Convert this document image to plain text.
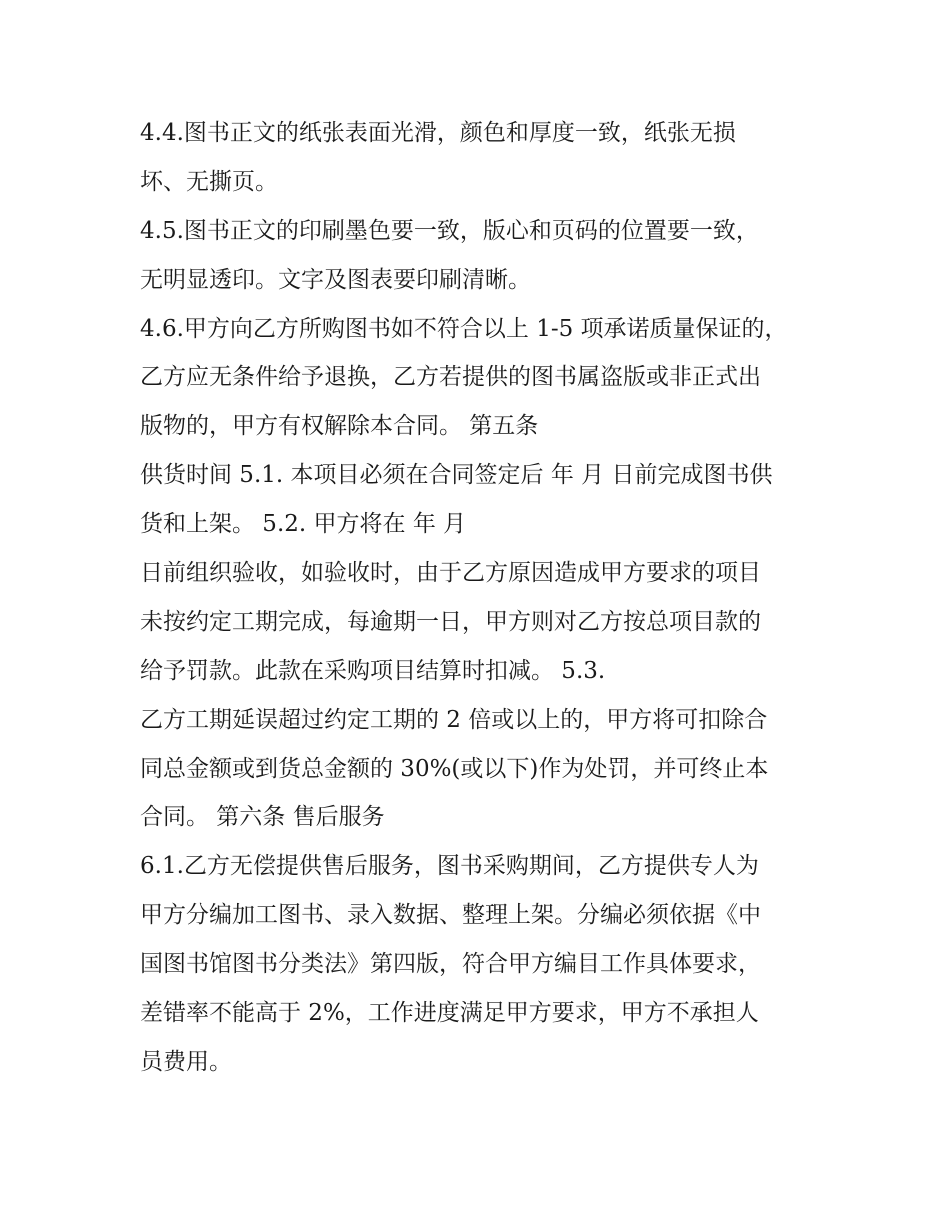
4.4.图书正文的纸张表面光滑，颜色和厚度一致，纸张无损
坏、无撕页。
4.5.图书正文的印刷墨色要一致，版心和页码的位置要一致，
无明显透印。文字及图表要印刷清晰。
4.6.甲方向乙方所购图书如不符合以上 1-5 项承诺质量保证的，
乙方应无条件给予退换，乙方若提供的图书属盗版或非正式出
版物的，甲方有权解除本合同。 第五条
供货时间 5.1. 本项目必须在合同签定后 年 月 日前完成图书供
货和上架。 5.2. 甲方将在 年 月
日前组织验收，如验收时，由于乙方原因造成甲方要求的项目
未按约定工期完成，每逾期一日，甲方则对乙方按总项目款的
给予罚款。此款在采购项目结算时扣减。 5.3.
乙方工期延误超过约定工期的 2 倍或以上的，甲方将可扣除合
同总金额或到货总金额的 30%(或以下)作为处罚，并可终止本
合同。 第六条 售后服务
6.1.乙方无偿提供售后服务，图书采购期间，乙方提供专人为
甲方分编加工图书、录入数据、整理上架。分编必须依据《中
国图书馆图书分类法》第四版，符合甲方编目工作具体要求，
差错率不能高于 2%，工作进度满足甲方要求，甲方不承担人
员费用。
